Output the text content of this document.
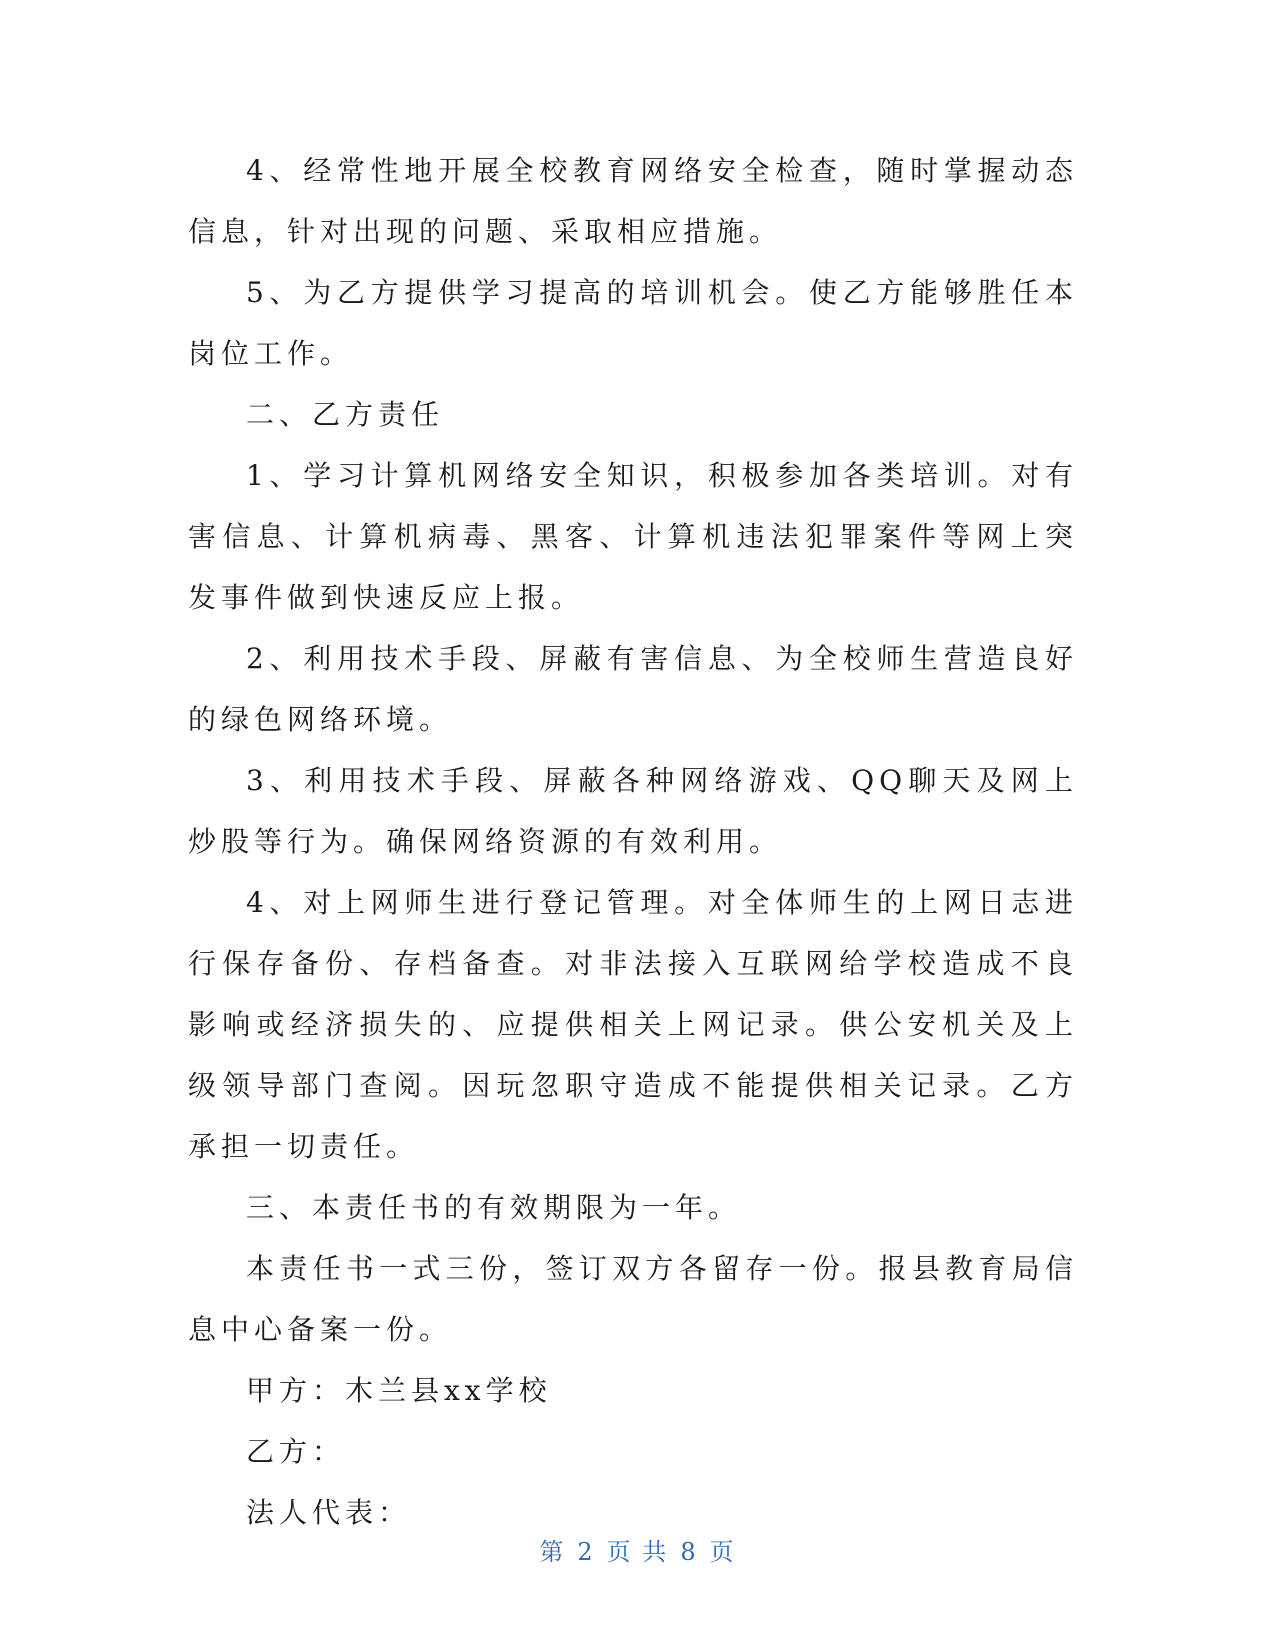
4、经常性地开展全校教育网络安全检查，随时掌握动态信息，针对出现的问题、采取相应措施。

5、为乙方提供学习提高的培训机会。使乙方能够胜任本岗位工作。

二、乙方责任

1、学习计算机网络安全知识，积极参加各类培训。对有害信息、计算机病毒、黑客、计算机违法犯罪案件等网上突发事件做到快速反应上报。

2、利用技术手段、屏蔽有害信息、为全校师生营造良好的绿色网络环境。

3、利用技术手段、屏蔽各种网络游戏、QQ聊天及网上炒股等行为。确保网络资源的有效利用。

4、对上网师生进行登记管理。对全体师生的上网日志进行保存备份、存档备查。对非法接入互联网给学校造成不良影响或经济损失的、应提供相关上网记录。供公安机关及上级领导部门查阅。因玩忽职守造成不能提供相关记录。乙方承担一切责任。

三、本责任书的有效期限为一年。

本责任书一式三份，签订双方各留存一份。报县教育局信息中心备案一份。

甲方：木兰县xx学校

乙方：

法人代表：

第 2 页 共 8 页
